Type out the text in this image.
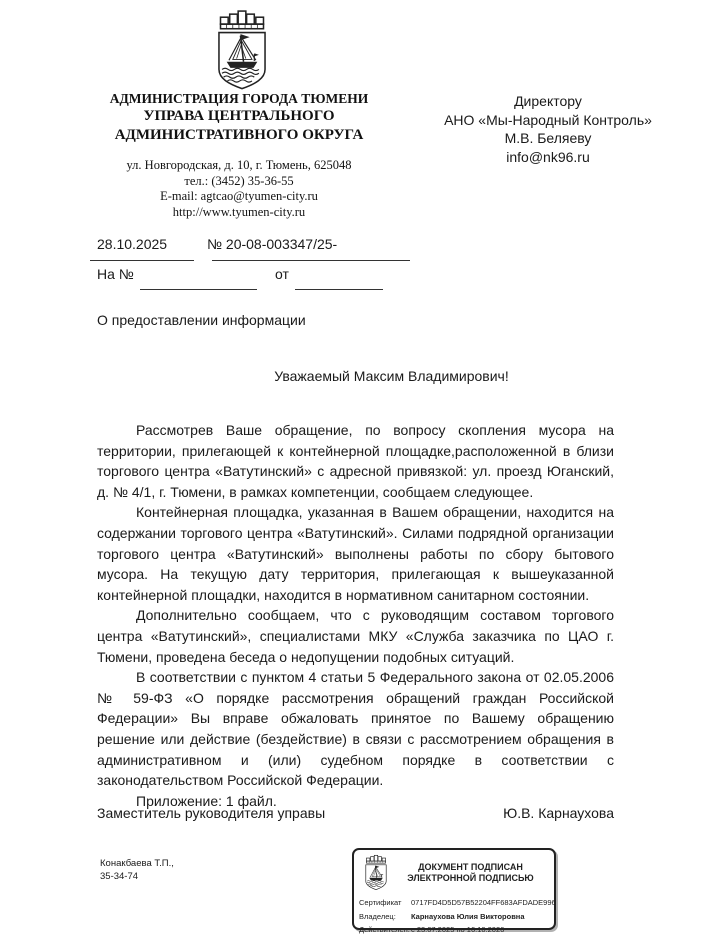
АДМИНИСТРАЦИЯ ГОРОДА ТЮМЕНИ
УПРАВА ЦЕНТРАЛЬНОГО
АДМИНИСТРАТИВНОГО ОКРУГА
ул. Новгородская, д. 10, г. Тюмень, 625048
тел.: (3452) 35-36-55
E-mail: agtcao@tyumen-city.ru
http://www.tyumen-city.ru
Директору
АНО «Мы-Народный Контроль»
М.В. Беляеву
info@nk96.ru
28.10.2025	№ 20-08-003347/25-
На №	от
О предоставлении информации
Уважаемый Максим Владимирович!

Рассмотрев Ваше обращение, по вопросу скопления мусора на территории, прилегающей к контейнерной площадке,расположенной в близи торгового центра «Ватутинский» с адресной привязкой: ул. проезд Юганский, д. № 4/1, г. Тюмени, в рамках компетенции, сообщаем следующее.

Контейнерная площадка, указанная в Вашем обращении, находится на содержании торгового центра «Ватутинский». Силами подрядной организации торгового центра «Ватутинский» выполнены работы по сбору бытового мусора. На текущую дату территория, прилегающая к вышеуказанной контейнерной площадки, находится в нормативном санитарном состоянии.

Дополнительно сообщаем, что с руководящим составом торгового центра «Ватутинский», специалистами МКУ «Служба заказчика по ЦАО г. Тюмени, проведена беседа о недопущении подобных ситуаций.

В соответствии с пунктом 4 статьи 5 Федерального закона от 02.05.2006 № 59-ФЗ «О порядке рассмотрения обращений граждан Российской Федерации» Вы вправе обжаловать принятое по Вашему обращению решение или действие (бездействие) в связи с рассмотрением обращения в административном и (или) судебном порядке в соответствии с законодательством Российской Федерации.

Приложение: 1 файл.

Заместитель руководителя управы	Ю.В. Карнаухова
Конакбаева Т.П.,
35-34-74
ДОКУМЕНТ ПОДПИСАН
ЭЛЕКТРОННОЙ ПОДПИСЬЮ
Сертификат	0717FD4D5D57B52204FF683AFDADE996
Владелец:	Карнаухова Юлия Викторовна
Действителен: с 23.07.2025 по 16.10.2026
